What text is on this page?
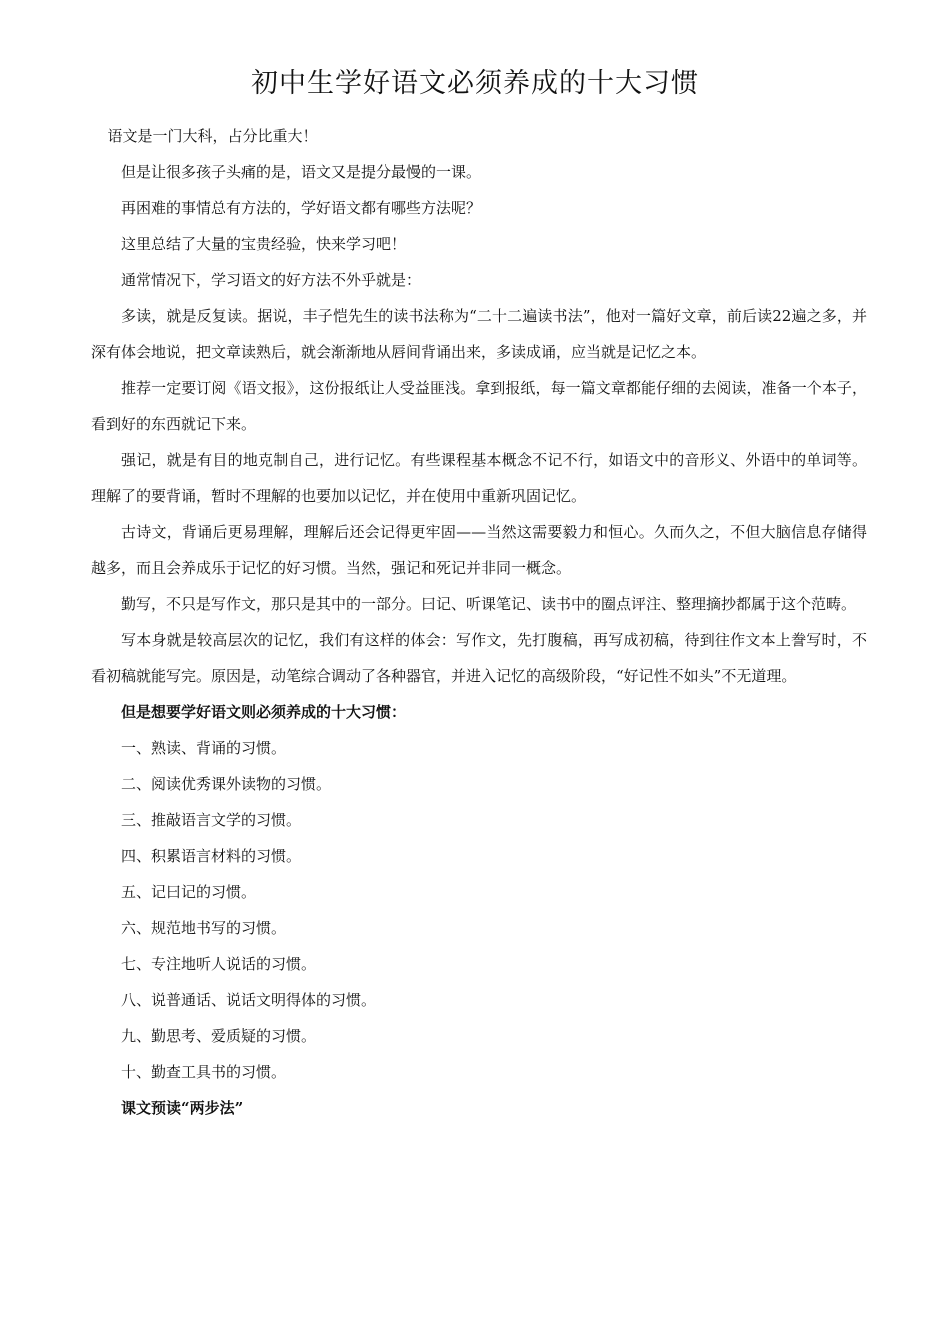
初中生学好语文必须养成的十大习惯

语文是一门大科，占分比重大！

但是让很多孩子头痛的是，语文又是提分最慢的一课。

再困难的事情总有方法的，学好语文都有哪些方法呢？

这里总结了大量的宝贵经验，快来学习吧！

通常情况下，学习语文的好方法不外乎就是：

多读，就是反复读。据说，丰子恺先生的读书法称为“二十二遍读书法”，他对一篇好文章，前后读22遍之多，并深有体会地说，把文章读熟后，就会渐渐地从唇间背诵出来，多读成诵，应当就是记忆之本。

推荐一定要订阅《语文报》，这份报纸让人受益匪浅。拿到报纸，每一篇文章都能仔细的去阅读，准备一个本子，看到好的东西就记下来。

强记，就是有目的地克制自己，进行记忆。有些课程基本概念不记不行，如语文中的音形义、外语中的单词等。理解了的要背诵，暂时不理解的也要加以记忆，并在使用中重新巩固记忆。

古诗文，背诵后更易理解，理解后还会记得更牢固——当然这需要毅力和恒心。久而久之，不但大脑信息存储得越多，而且会养成乐于记忆的好习惯。当然，强记和死记并非同一概念。

勤写，不只是写作文，那只是其中的一部分。曰记、听课笔记、读书中的圈点评注、整理摘抄都属于这个范畴。

写本身就是较高层次的记忆，我们有这样的体会：写作文，先打腹稿，再写成初稿，待到往作文本上誊写时，不看初稿就能写完。原因是，动笔综合调动了各种器官，并进入记忆的高级阶段，“好记性不如头”不无道理。

但是想要学好语文则必须养成的十大习惯：

一、熟读、背诵的习惯。

二、阅读优秀课外读物的习惯。

三、推敲语言文学的习惯。

四、积累语言材料的习惯。

五、记曰记的习惯。

六、规范地书写的习惯。

七、专注地听人说话的习惯。

八、说普通话、说话文明得体的习惯。

九、勤思考、爱质疑的习惯。

十、勤查工具书的习惯。

课文预读“两步法”
